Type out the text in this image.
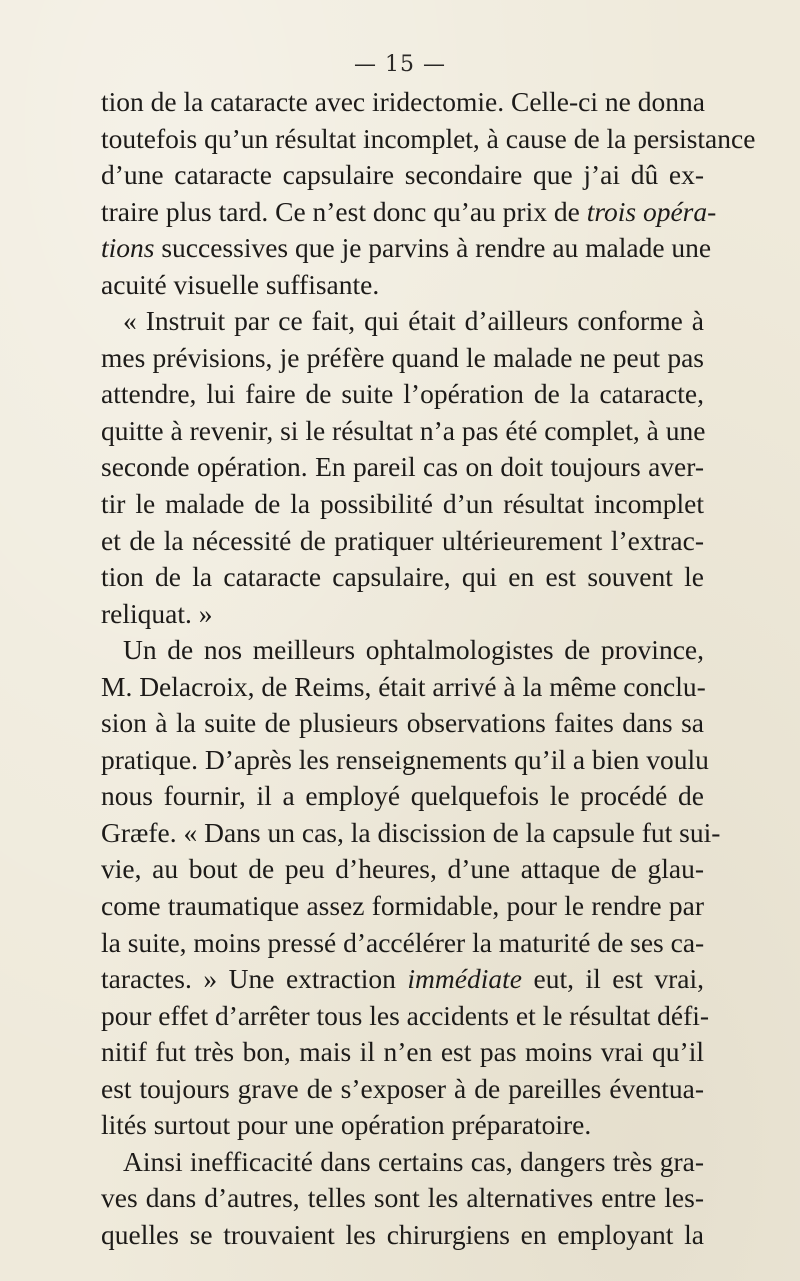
— 15 —
tion de la cataracte avec iridectomie. Celle-ci ne donna
toutefois qu’un résultat incomplet, à cause de la persistance
d’une cataracte capsulaire secondaire que j’ai dû ex-
traire plus tard. Ce n’est donc qu’au prix de trois opéra-
tions successives que je parvins à rendre au malade une
acuité visuelle suffisante.
« Instruit par ce fait, qui était d’ailleurs conforme à
mes prévisions, je préfère quand le malade ne peut pas
attendre, lui faire de suite l’opération de la cataracte,
quitte à revenir, si le résultat n’a pas été complet, à une
seconde opération. En pareil cas on doit toujours aver-
tir le malade de la possibilité d’un résultat incomplet
et de la nécessité de pratiquer ultérieurement l’extrac-
tion de la cataracte capsulaire, qui en est souvent le
reliquat. »
Un de nos meilleurs ophtalmologistes de province,
M. Delacroix, de Reims, était arrivé à la même conclu-
sion à la suite de plusieurs observations faites dans sa
pratique. D’après les renseignements qu’il a bien voulu
nous fournir, il a employé quelquefois le procédé de
Græfe. « Dans un cas, la discission de la capsule fut sui-
vie, au bout de peu d’heures, d’une attaque de glau-
come traumatique assez formidable, pour le rendre par
la suite, moins pressé d’accélérer la maturité de ses ca-
taractes. » Une extraction immédiate eut, il est vrai,
pour effet d’arrêter tous les accidents et le résultat défi-
nitif fut très bon, mais il n’en est pas moins vrai qu’il
est toujours grave de s’exposer à de pareilles éventua-
lités surtout pour une opération préparatoire.
Ainsi inefficacité dans certains cas, dangers très gra-
ves dans d’autres, telles sont les alternatives entre les-
quelles se trouvaient les chirurgiens en employant la
